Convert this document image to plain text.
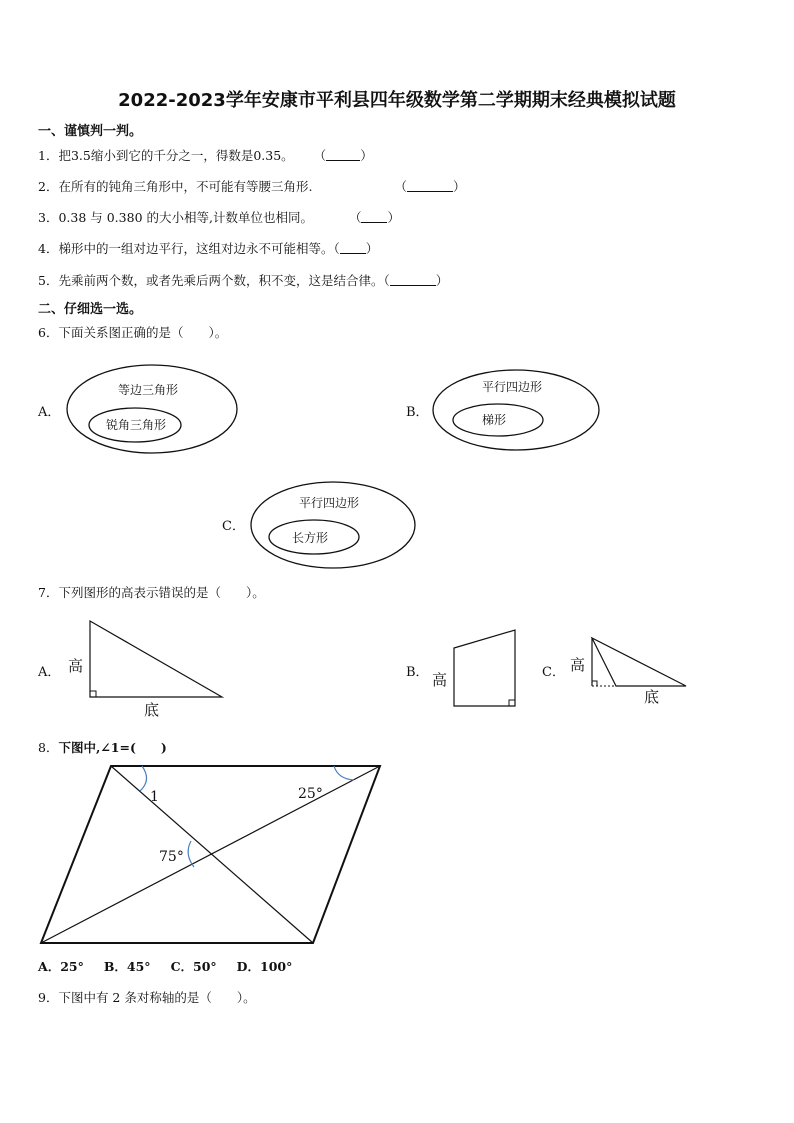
2022-2023学年安康市平利县四年级数学第二学期期末经典模拟试题
一、谨慎判一判。
1．把3.5缩小到它的千分之一，得数是0.35。 （	）
2．在所有的钝角三角形中，不可能有等腰三角形.	（	）
3．0.38 与 0.380 的大小相等,计数单位也相同。	（ ）
4．梯形中的一组对边平行，这组对边永不可能相等。（ ）
5．先乘前两个数，或者先乘后两个数，积不变，这是结合律。（	）
二、仔细选一选。
6．下面关系图正确的是（　　）。
A．
等边三角形
锐角三角形
B．
平行四边形
梯形
C．
平行四边形
长方形
7．下列图形的高表示错误的是（　　）。
A． 高
底
B． 高	C． 高
底
8．下图中,∠1=(　　)
1	25°
75°
A．25° B．45° C．50° D．100°
9．下图中有 2 条对称轴的是（　　）。
